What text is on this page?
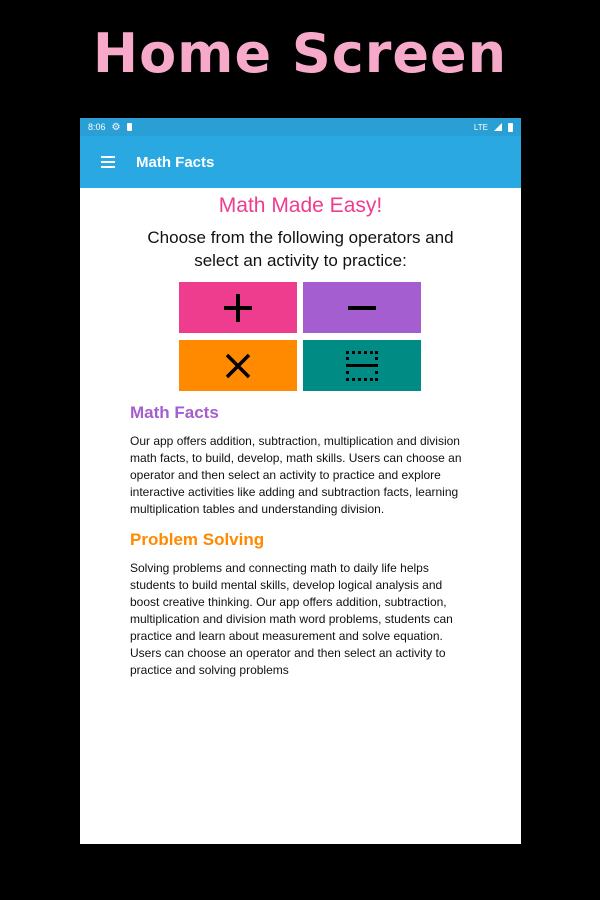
Home Screen
8:06 ⚙	LTE
Math Facts
Math Made Easy!
Choose from the following operators and
select an activity to practice:
Math Facts
Our app offers addition, subtraction, multiplication and division math facts, to build, develop, math skills. Users can choose an operator and then select an activity to practice and explore interactive activities like adding and subtraction facts, learning multiplication tables and understanding division.
Problem Solving
Solving problems and connecting math to daily life helps students to build mental skills, develop logical analysis and boost creative thinking. Our app offers addition, subtraction, multiplication and division math word problems, students can practice and learn about measurement and solve equation. Users can choose an operator and then select an activity to practice and solving problems
